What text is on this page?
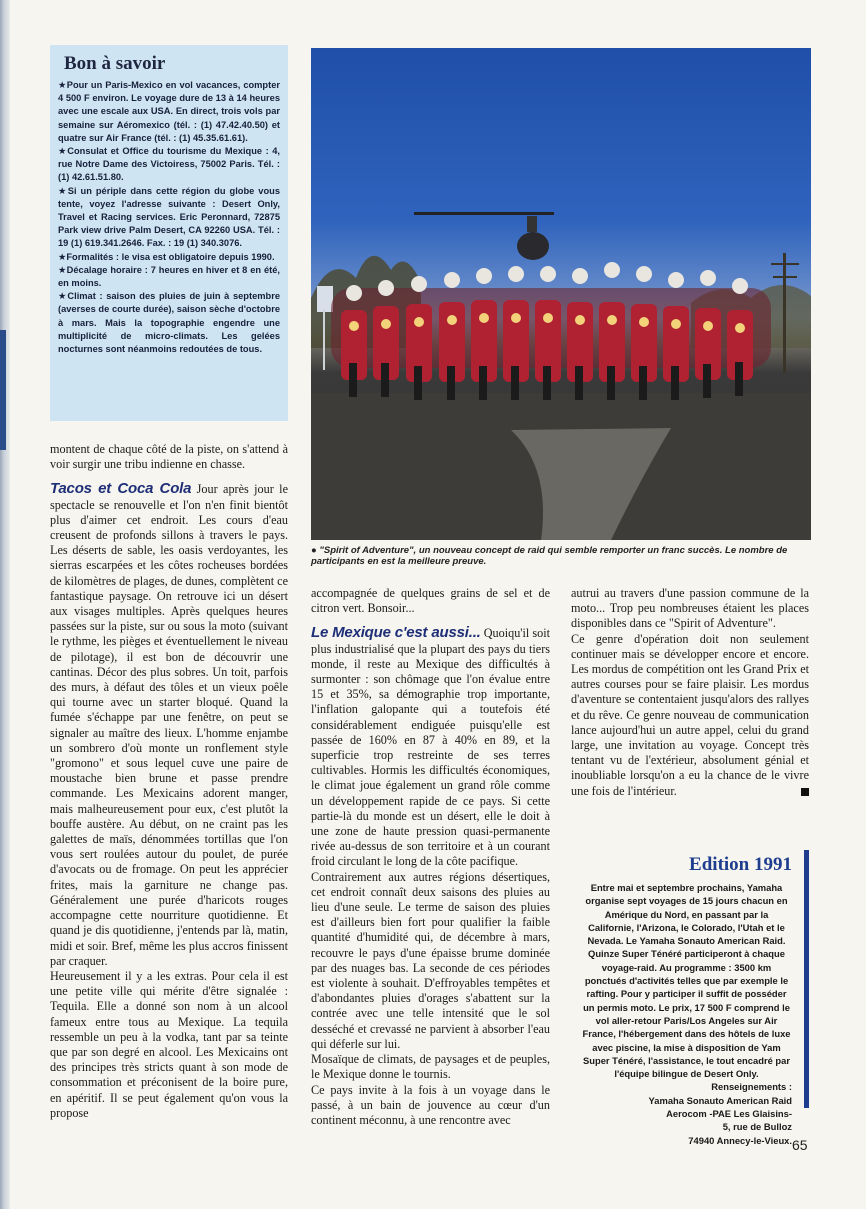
Bon à savoir

★Pour un Paris-Mexico en vol vacances, compter 4 500 F environ. Le voyage dure de 13 à 14 heures avec une escale aux USA. En direct, trois vols par semaine sur Aéromexico (tél. : (1) 47.42.40.50) et quatre sur Air France (tél. : (1) 45.35.61.61).

★Consulat et Office du tourisme du Mexique : 4, rue Notre Dame des Victoiress, 75002 Paris. Tél. : (1) 42.61.51.80.

★Si un périple dans cette région du globe vous tente, voyez l'adresse suivante : Desert Only, Travel et Racing services. Eric Peronnard, 72875 Park view drive Palm Desert, CA 92260 USA. Tél. : 19 (1) 619.341.2646. Fax. : 19 (1) 340.3076.

★Formalités : le visa est obligatoire depuis 1990.

★Décalage horaire : 7 heures en hiver et 8 en été, en moins.

★Climat : saison des pluies de juin à septembre (averses de courte durée), saison sèche d'octobre à mars. Mais la topographie engendre une multiplicité de micro-climats. Les gelées nocturnes sont néanmoins redoutées de tous.

● "Spirit of Adventure", un nouveau concept de raid qui semble remporter un franc succès. Le nombre de participants en est la meilleure preuve.

montent de chaque côté de la piste, on s'attend à voir surgir une tribu indienne en chasse.

Tacos et Coca Cola Jour après jour le spectacle se renouvelle et l'on n'en finit bientôt plus d'aimer cet endroit. Les cours d'eau creusent de profonds sillons à travers le pays. Les déserts de sable, les oasis verdoyantes, les sierras escarpées et les côtes rocheuses bordées de kilomètres de plages, de dunes, complètent ce fantastique paysage. On retrouve ici un désert aux visages multiples. Après quelques heures passées sur la piste, sur ou sous la moto (suivant le rythme, les pièges et éventuellement le niveau de pilotage), il est bon de découvrir une cantinas. Décor des plus sobres. Un toit, parfois des murs, à défaut des tôles et un vieux poêle qui tourne avec un starter bloqué. Quand la fumée s'échappe par une fenêtre, on peut se signaler au maître des lieux. L'homme enjambe un sombrero d'où monte un ronflement style "gromono" et sous lequel cuve une paire de moustache bien brune et passe prendre commande. Les Mexicains adorent manger, mais malheureusement pour eux, c'est plutôt la bouffe austère. Au début, on ne craint pas les galettes de maïs, dénommées tortillas que l'on vous sert roulées autour du poulet, de purée d'avocats ou de fromage. On peut les apprécier frites, mais la garniture ne change pas. Généralement une purée d'haricots rouges accompagne cette nourriture quotidienne. Et quand je dis quotidienne, j'entends par là, matin, midi et soir. Bref, même les plus accros finissent par craquer.

Heureusement il y a les extras. Pour cela il est une petite ville qui mérite d'être signalée : Tequila. Elle a donné son nom à un alcool fameux entre tous au Mexique. La tequila ressemble un peu à la vodka, tant par sa teinte que par son degré en alcool. Les Mexicains ont des principes très stricts quant à son mode de consommation et préconisent de la boire pure, en apéritif. Il se peut également qu'on vous la propose

accompagnée de quelques grains de sel et de citron vert. Bonsoir...

Le Mexique c'est aussi... Quoiqu'il soit plus industrialisé que la plupart des pays du tiers monde, il reste au Mexique des difficultés à surmonter : son chômage que l'on évalue entre 15 et 35%, sa démographie trop importante, l'inflation galopante qui a toutefois été considérablement endiguée puisqu'elle est passée de 160% en 87 à 40% en 89, et la superficie trop restreinte de ses terres cultivables. Hormis les difficultés économiques, le climat joue également un grand rôle comme un développement rapide de ce pays. Si cette partie-là du monde est un désert, elle le doit à une zone de haute pression quasi-permanente rivée au-dessus de son territoire et à un courant froid circulant le long de la côte pacifique.

Contrairement aux autres régions désertiques, cet endroit connaît deux saisons des pluies au lieu d'une seule. Le terme de saison des pluies est d'ailleurs bien fort pour qualifier la faible quantité d'humidité qui, de décembre à mars, recouvre le pays d'une épaisse brume dominée par des nuages bas. La seconde de ces périodes est violente à souhait. D'effroyables tempêtes et d'abondantes pluies d'orages s'abattent sur la contrée avec une telle intensité que le sol desséché et crevassé ne parvient à absorber l'eau qui déferle sur lui.

Mosaïque de climats, de paysages et de peuples, le Mexique donne le tournis.

Ce pays invite à la fois à un voyage dans le passé, à un bain de jouvence au cœur d'un continent méconnu, à une rencontre avec

autrui au travers d'une passion commune de la moto... Trop peu nombreuses étaient les places disponibles dans ce "Spirit of Adventure".

Ce genre d'opération doit non seulement continuer mais se développer encore et encore. Les mordus de compétition ont les Grand Prix et autres courses pour se faire plaisir. Les mordus d'aventure se contentaient jusqu'alors des rallyes et du rêve. Ce genre nouveau de communication lance aujourd'hui un autre appel, celui du grand large, une invitation au voyage. Concept très tentant vu de l'extérieur, absolument génial et inoubliable lorsqu'on a eu la chance de le vivre une fois de l'intérieur.

Edition 1991

Entre mai et septembre prochains, Yamaha organise sept voyages de 15 jours chacun en Amérique du Nord, en passant par la Californie, l'Arizona, le Colorado, l'Utah et le Nevada. Le Yamaha Sonauto American Raid. Quinze Super Ténéré participeront à chaque voyage-raid. Au programme : 3500 km ponctués d'activités telles que par exemple le rafting. Pour y participer il suffit de posséder un permis moto. Le prix, 17 500 F comprend le vol aller-retour Paris/Los Angeles sur Air France, l'hébergement dans des hôtels de luxe avec piscine, la mise à disposition de Yam Super Ténéré, l'assistance, le tout encadré par l'équipe bilingue de Desert Only.

Renseignements :

Yamaha Sonauto American Raid

Aerocom -PAE Les Glaisins-

5, rue de Bulloz

74940 Annecy-le-Vieux. 65
